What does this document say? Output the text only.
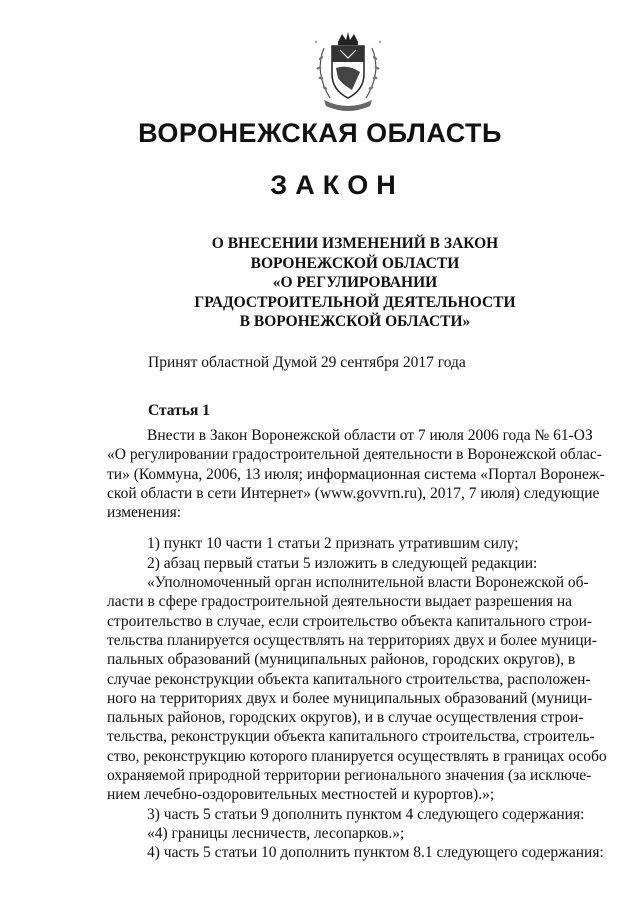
ВОРОНЕЖСКАЯ ОБЛАСТЬ
ЗАКОН
О ВНЕСЕНИИ ИЗМЕНЕНИЙ В ЗАКОН
ВОРОНЕЖСКОЙ ОБЛАСТИ
«О РЕГУЛИРОВАНИИ
ГРАДОСТРОИТЕЛЬНОЙ ДЕЯТЕЛЬНОСТИ
В ВОРОНЕЖСКОЙ ОБЛАСТИ»
Принят областной Думой 29 сентября 2017 года
Статья 1
Внести в Закон Воронежской области от 7 июля 2006 года № 61-ОЗ
«О регулировании градостроительной деятельности в Воронежской облас-
ти» (Коммуна, 2006, 13 июля; информационная система «Портал Воронеж-
ской области в сети Интернет» (www.govvrn.ru), 2017, 7 июля) следующие
изменения:
1) пункт 10 части 1 статьи 2 признать утратившим силу;
2) абзац первый статьи 5 изложить в следующей редакции:
«Уполномоченный орган исполнительной власти Воронежской об-
ласти в сфере градостроительной деятельности выдает разрешения на
строительство в случае, если строительство объекта капитального строи-
тельства планируется осуществлять на территориях двух и более муници-
пальных образований (муниципальных районов, городских округов), в
случае реконструкции объекта капитального строительства, расположен-
ного на территориях двух и более муниципальных образований (муници-
пальных районов, городских округов), и в случае осуществления строи-
тельства, реконструкции объекта капитального строительства, строитель-
ство, реконструкцию которого планируется осуществлять в границах особо
охраняемой природной территории регионального значения (за исключе-
нием лечебно-оздоровительных местностей и курортов).»;
3) часть 5 статьи 9 дополнить пунктом 4 следующего содержания:
«4) границы лесничеств, лесопарков.»;
4) часть 5 статьи 10 дополнить пунктом 8.1 следующего содержания:
